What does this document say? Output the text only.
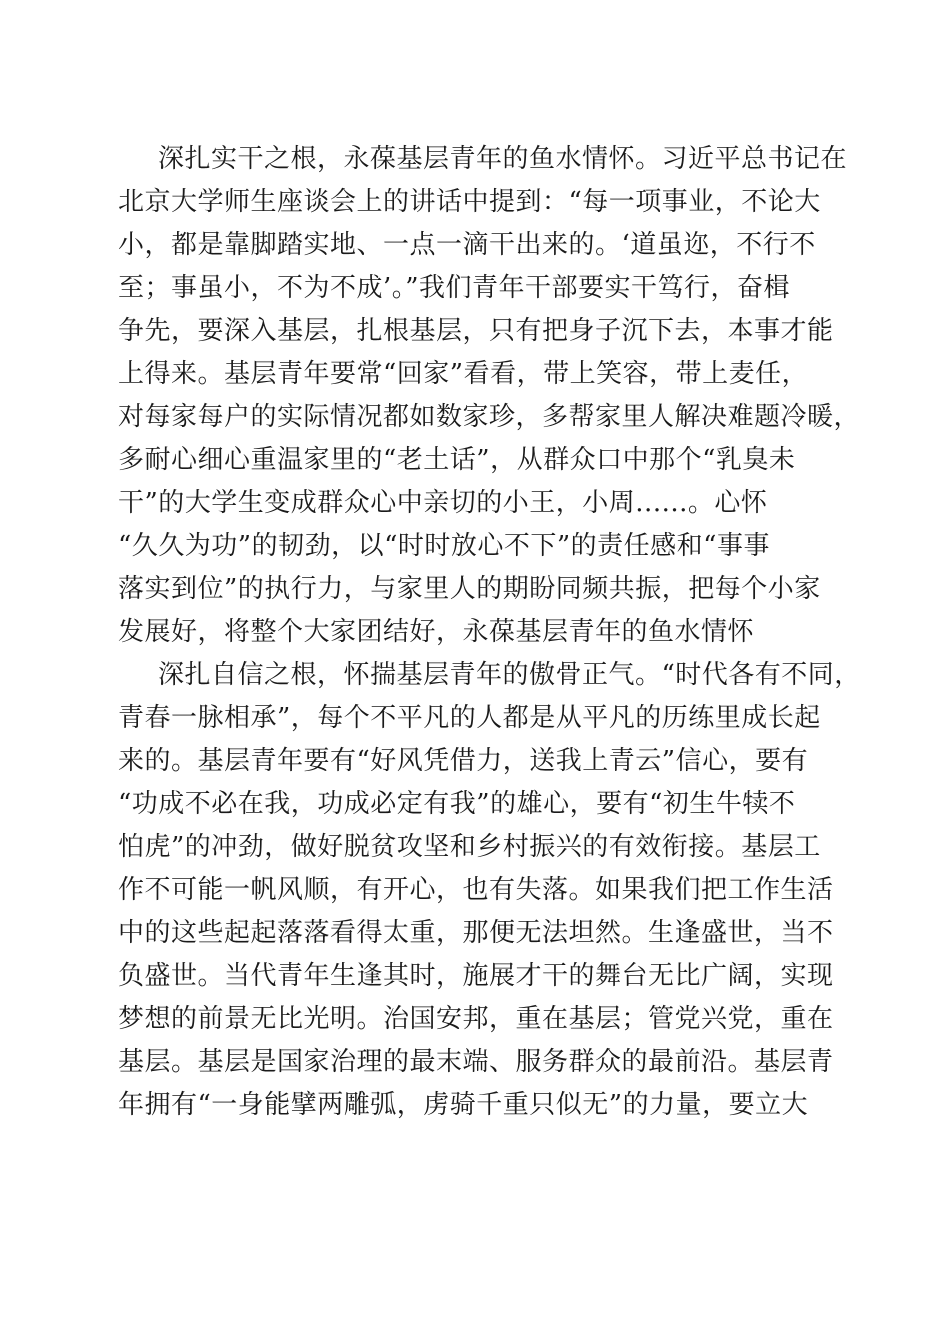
深扎实干之根，永葆基层青年的鱼水情怀。习近平总书记在
北京大学师生座谈会上的讲话中提到：“每一项事业，不论大
小，都是靠脚踏实地、一点一滴干出来的。‘道虽迩，不行不
至；事虽小，不为不成’。”我们青年干部要实干笃行，奋楫
争先，要深入基层，扎根基层，只有把身子沉下去，本事才能
上得来。基层青年要常“回家”看看，带上笑容，带上麦任，
对每家每户的实际情况都如数家珍，多帮家里人解决难题冷暖，
多耐心细心重温家里的“老土话”，从群众口中那个“乳臭未
干”的大学生变成群众心中亲切的小王，小周......。心怀
“久久为功”的韧劲，以“时时放心不下”的责任感和“事事
落实到位”的执行力，与家里人的期盼同频共振，把每个小家
发展好，将整个大家团结好，永葆基层青年的鱼水情怀
深扎自信之根，怀揣基层青年的傲骨正气。“时代各有不同，
青春一脉相承”，每个不平凡的人都是从平凡的历练里成长起
来的。基层青年要有“好风凭借力，送我上青云”信心，要有
“功成不必在我，功成必定有我”的雄心，要有“初生牛犊不
怕虎”的冲劲，做好脱贫攻坚和乡村振兴的有效衔接。基层工
作不可能一帆风顺，有开心，也有失落。如果我们把工作生活
中的这些起起落落看得太重，那便无法坦然。生逢盛世，当不
负盛世。当代青年生逢其时，施展才干的舞台无比广阔，实现
梦想的前景无比光明。治国安邦，重在基层；管党兴党，重在
基层。基层是国家治理的最末端、服务群众的最前沿。基层青
年拥有“一身能擘两雕弧，虏骑千重只似无”的力量，要立大
